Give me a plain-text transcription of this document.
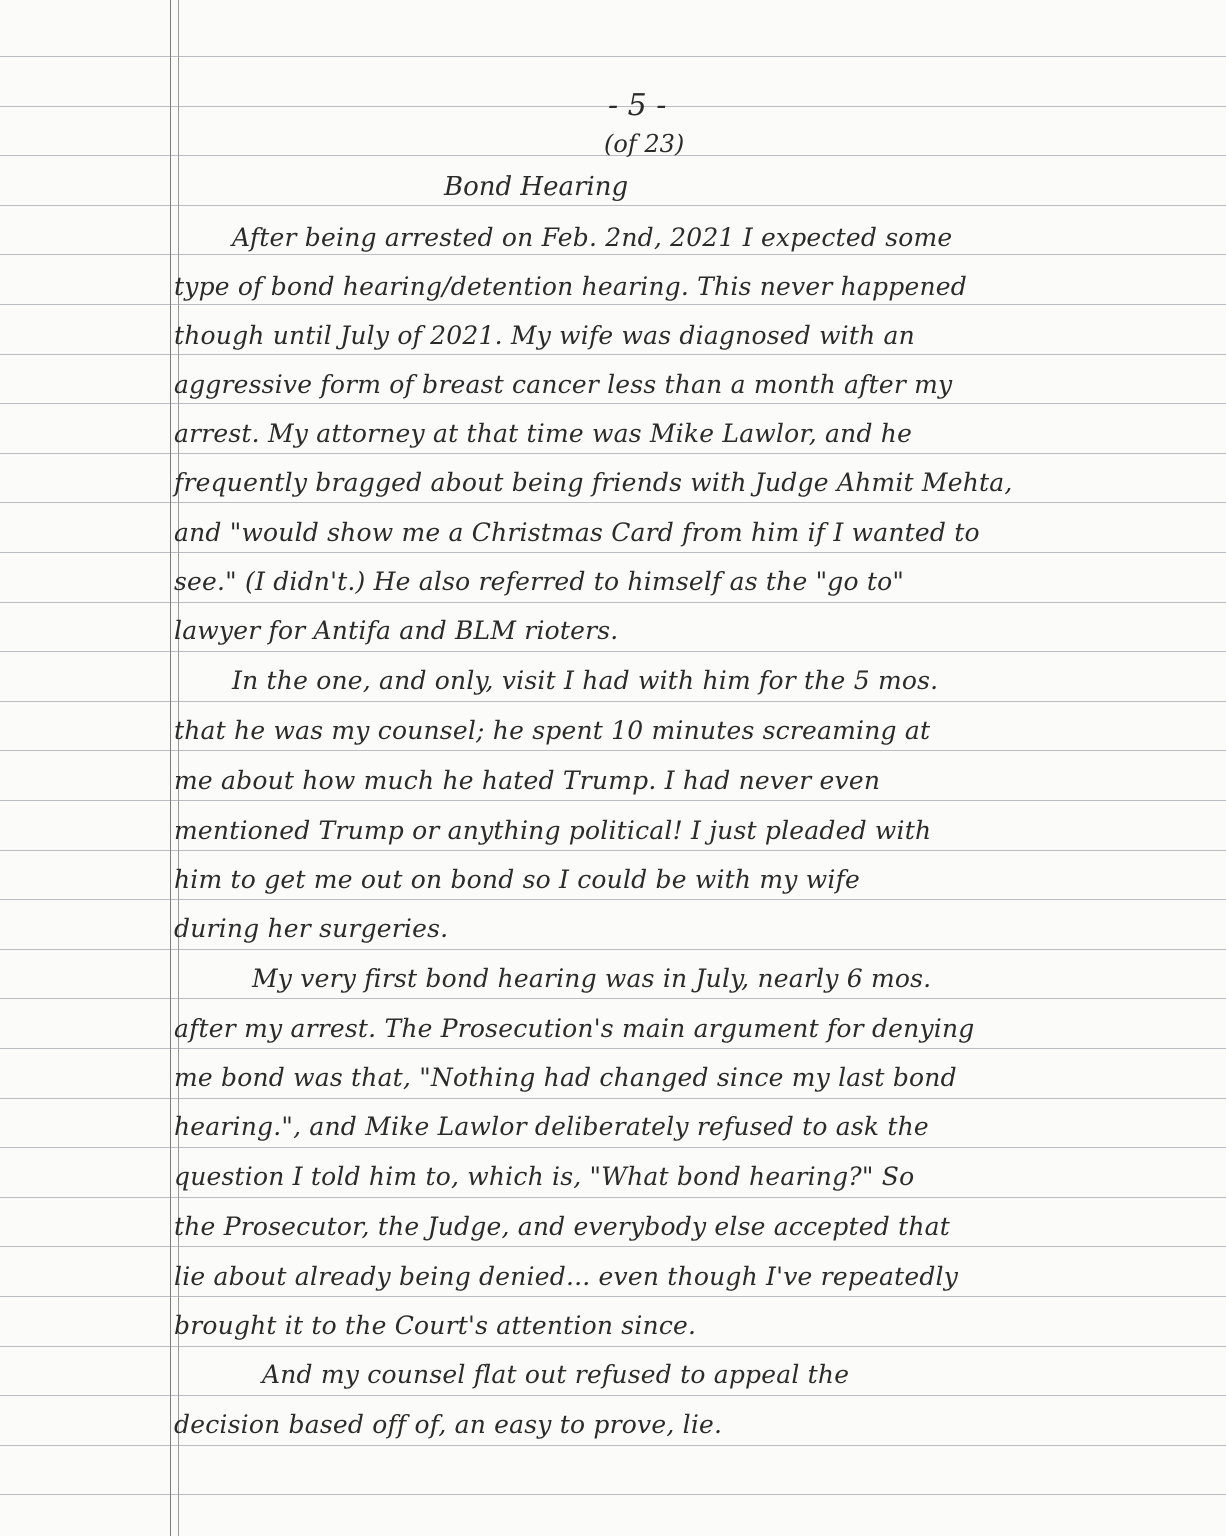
- 5 -
(of 23)
Bond Hearing
After being arrested on Feb. 2nd, 2021 I expected some
type of bond hearing/detention hearing. This never happened
though until July of 2021. My wife was diagnosed with an
aggressive form of breast cancer less than a month after my
arrest. My attorney at that time was Mike Lawlor, and he
frequently bragged about being friends with Judge Ahmit Mehta,
and "would show me a Christmas Card from him if I wanted to
see." (I didn't.) He also referred to himself as the "go to"
lawyer for Antifa and BLM rioters.
In the one, and only, visit I had with him for the 5 mos.
that he was my counsel; he spent 10 minutes screaming at
me about how much he hated Trump. I had never even
mentioned Trump or anything political! I just pleaded with
him to get me out on bond so I could be with my wife
during her surgeries.
My very first bond hearing was in July, nearly 6 mos.
after my arrest. The Prosecution's main argument for denying
me bond was that, "Nothing had changed since my last bond
hearing.", and Mike Lawlor deliberately refused to ask the
question I told him to, which is, "What bond hearing?" So
the Prosecutor, the Judge, and everybody else accepted that
lie about already being denied... even though I've repeatedly
brought it to the Court's attention since.
And my counsel flat out refused to appeal the
decision based off of, an easy to prove, lie.
